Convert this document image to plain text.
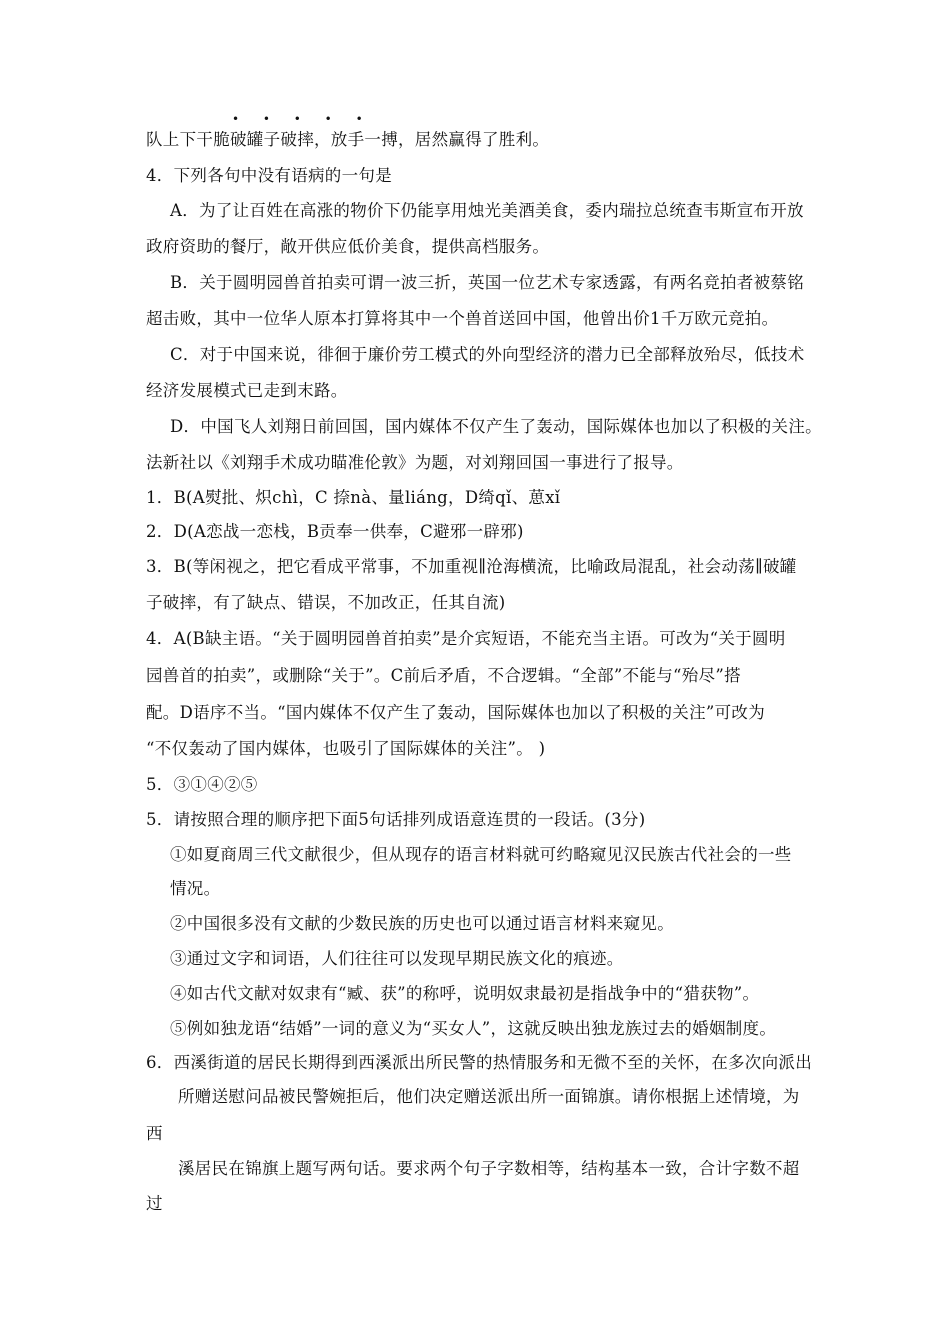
• • • • •
队上下干脆破罐子破摔，放手一搏，居然赢得了胜利。
4．下列各句中没有语病的一句是
A．为了让百姓在高涨的物价下仍能享用烛光美酒美食，委内瑞拉总统查韦斯宣布开放
政府资助的餐厅，敞开供应低价美食，提供高档服务。
B．关于圆明园兽首拍卖可谓一波三折，英国一位艺术专家透露，有两名竞拍者被蔡铭
超击败，其中一位华人原本打算将其中一个兽首送回中国，他曾出价1千万欧元竞拍。
C．对于中国来说，徘徊于廉价劳工模式的外向型经济的潜力已全部释放殆尽，低技术
经济发展模式已走到末路。
D．中国飞人刘翔日前回国，国内媒体不仅产生了轰动，国际媒体也加以了积极的关注。
法新社以《刘翔手术成功瞄准伦敦》为题，对刘翔回国一事进行了报导。
1．B(A熨批、炽chì，C 捺nà、量liáng，D绮qǐ、葸xǐ
2．D(A恋战一恋栈，B贡奉一供奉，C避邪一辟邪)
3．B(等闲视之，把它看成平常事，不加重视∥沧海横流，比喻政局混乱，社会动荡∥破罐
子破摔，有了缺点、错误，不加改正，任其自流)
4．A(B缺主语。“关于圆明园兽首拍卖”是介宾短语，不能充当主语。可改为“关于圆明
园兽首的拍卖”，或删除“关于”。C前后矛盾，不合逻辑。“全部”不能与“殆尽”搭
配。D语序不当。“国内媒体不仅产生了轰动，国际媒体也加以了积极的关注”可改为
“不仅轰动了国内媒体，也吸引了国际媒体的关注”。 )
5．③①④②⑤
5．请按照合理的顺序把下面5句话排列成语意连贯的一段话。(3分)
①如夏商周三代文献很少，但从现存的语言材料就可约略窥见汉民族古代社会的一些
情况。
②中国很多没有文献的少数民族的历史也可以通过语言材料来窥见。
③通过文字和词语，人们往往可以发现早期民族文化的痕迹。
④如古代文献对奴隶有“臧、获”的称呼，说明奴隶最初是指战争中的“猎获物”。
⑤例如独龙语“结婚”一词的意义为“买女人”，这就反映出独龙族过去的婚姻制度。
6．西溪街道的居民长期得到西溪派出所民警的热情服务和无微不至的关怀，在多次向派出
所赠送慰问品被民警婉拒后，他们决定赠送派出所一面锦旗。请你根据上述情境，为
西
溪居民在锦旗上题写两句话。要求两个句子字数相等，结构基本一致，合计字数不超
过
